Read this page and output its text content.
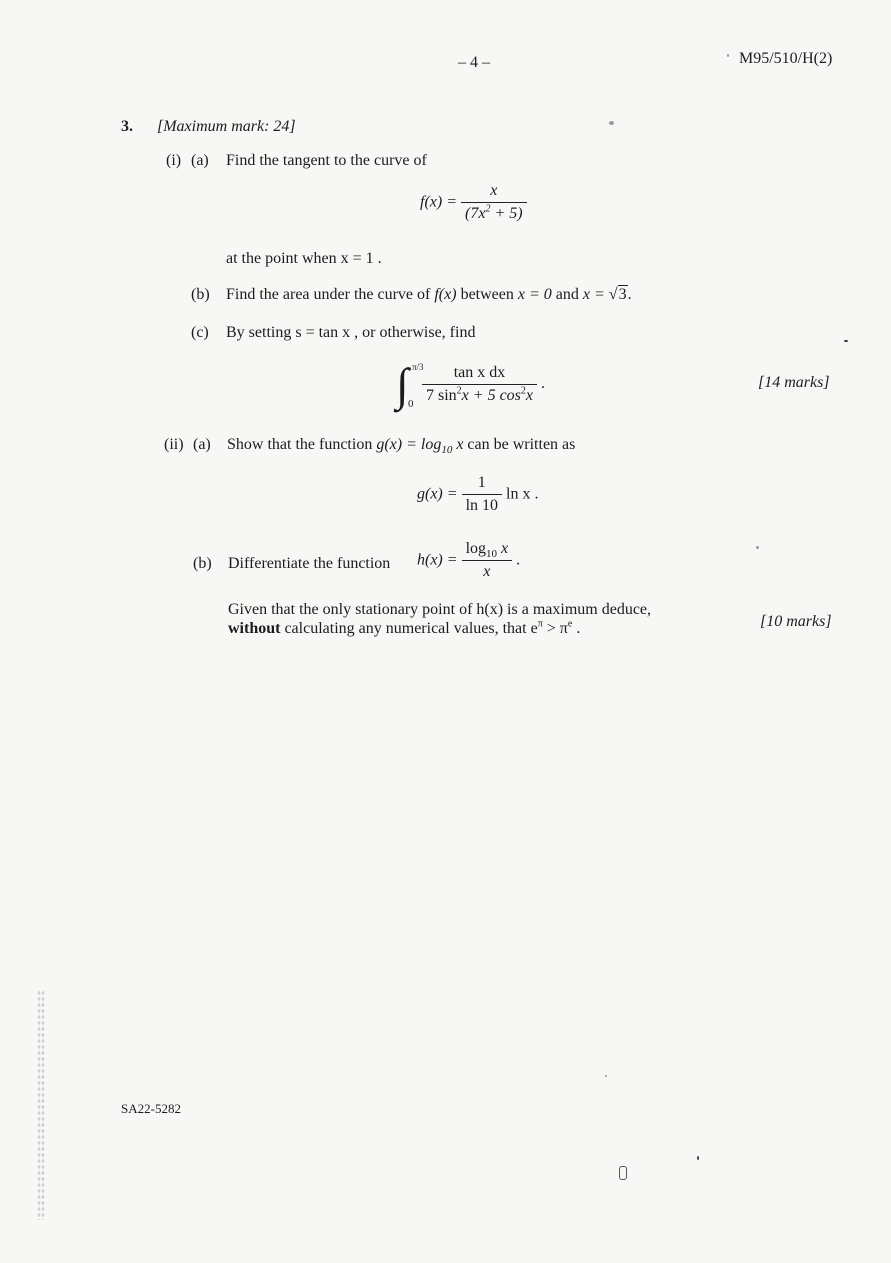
– 4 –	M95/510/H(2)
3. [Maximum mark: 24]
(i) (a) Find the tangent to the curve of
$f(x) = \frac{x}{(7x^2 + 5)}$
at the point when x = 1 .
(b) Find the area under the curve of f(x) between x = 0 and x = √3.
(c) By setting s = tan x , or otherwise, find
∫ π/3
$0 \frac{\text{tan x dx}}{7 \sin^2x + 5 \cos^2x}$ .	[14 marks]
(ii) (a) Show that the function $g(x) = \log_{10} x$ can be written as
$g(x) = \frac{1}{\ln 10}$ ln x .
(b) Differentiate the function $h(x) = \frac{\log_{10} x}{x}$ .
Given that the only stationary point of h(x) is a maximum deduce,
without calculating any numerical values, that $e^\pi > \pi^e$ .	[10 marks]
SA22-5282
